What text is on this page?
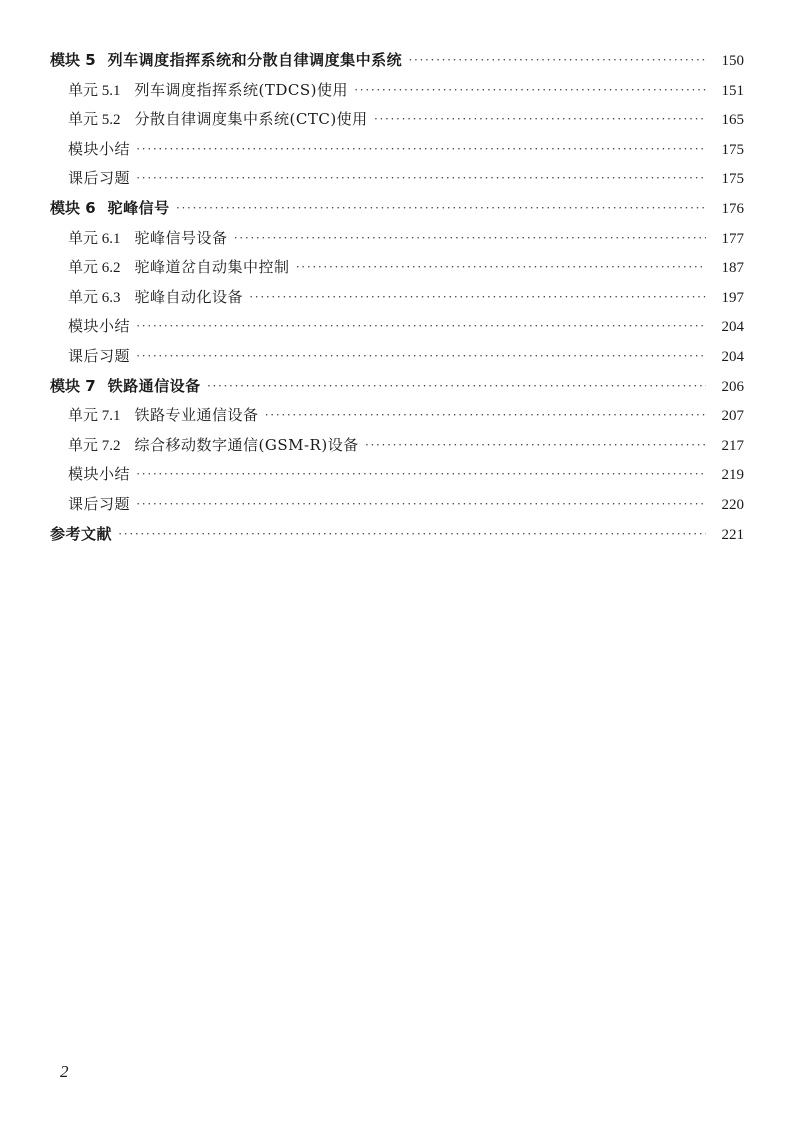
模块 5 列车调度指挥系统和分散自律调度集中系统 ·····	150
单元 5.1 列车调度指挥系统(TDCS)使用 ·····	151
单元 5.2 分散自律调度集中系统(CTC)使用 ·····	165
模块小结 ·····	175
课后习题 ·····	175
模块 6 驼峰信号 ·····	176
单元 6.1 驼峰信号设备 ·····	177
单元 6.2 驼峰道岔自动集中控制 ·····	187
单元 6.3 驼峰自动化设备 ·····	197
模块小结 ·····	204
课后习题 ·····	204
模块 7 铁路通信设备 ·····	206
单元 7.1 铁路专业通信设备 ·····	207
单元 7.2 综合移动数字通信(GSM-R)设备 ·····	217
模块小结 ·····	219
课后习题 ·····	220
参考文献 ·····	221
2
